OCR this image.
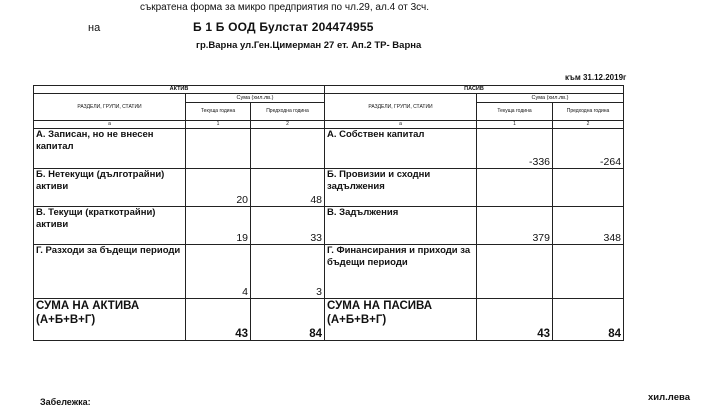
съкратена форма за микро предприятия по чл.29, ал.4 от 3сч.
на	Б 1 Б ООД Булстат 204474955
гр.Варна ул.Ген.Цимерман 27 ет. Ап.2 ТР- Варна
към 31.12.2019г
АКТИВ			ПАСИВ		
РАЗДЕЛИ, ГРУПИ, СТАТИИ	Сума (хил.лв.)		РАЗДЕЛИ, ГРУПИ, СТАТИИ	Сума (хил.лв.)	
	Текуща година	Предходна година		Текуща година	Предходна година
а	1	2	а	1	2
А. Записан, но не внесен капитал			А. Собствен капитал	-336	-264
Б. Нетекущи (дълготрайни) активи	20	48	Б. Провизии и сходни задължения		
В. Текущи (краткотрайни) активи	19	33	В. Задължения	379	348
Г. Разходи за бъдещи периоди	4	3	Г. Финансирания и приходи за бъдещи периоди		
СУМА НА АКТИВА (А+Б+В+Г)	43	84	СУМА НА ПАСИВА (А+Б+В+Г)	43	84
Забележка:	хил.лева
